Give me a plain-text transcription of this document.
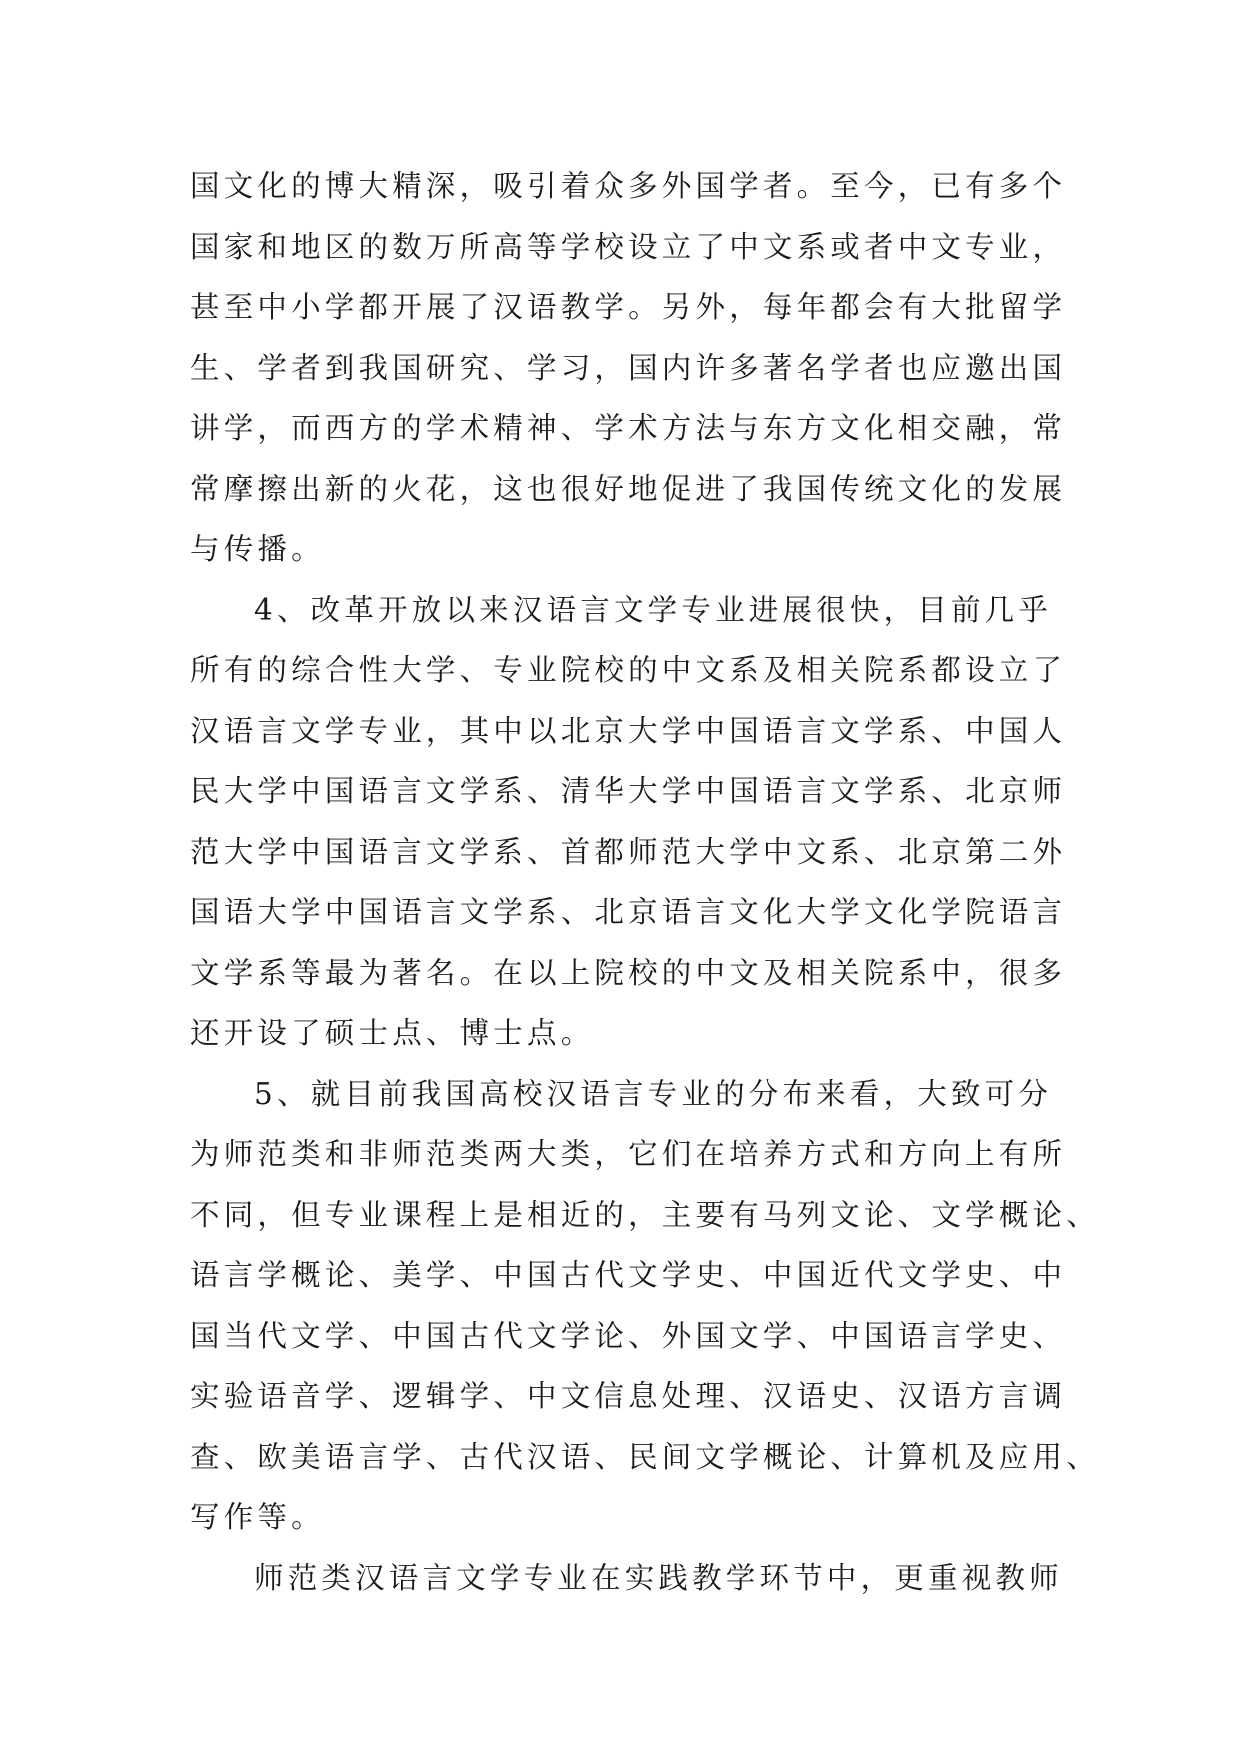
国文化的博大精深，吸引着众多外国学者。至今，已有多个
国家和地区的数万所高等学校设立了中文系或者中文专业，
甚至中小学都开展了汉语教学。另外，每年都会有大批留学
生、学者到我国研究、学习，国内许多著名学者也应邀出国
讲学，而西方的学术精神、学术方法与东方文化相交融，常
常摩擦出新的火花，这也很好地促进了我国传统文化的发展
与传播。
4、改革开放以来汉语言文学专业进展很快，目前几乎
所有的综合性大学、专业院校的中文系及相关院系都设立了
汉语言文学专业，其中以北京大学中国语言文学系、中国人
民大学中国语言文学系、清华大学中国语言文学系、北京师
范大学中国语言文学系、首都师范大学中文系、北京第二外
国语大学中国语言文学系、北京语言文化大学文化学院语言
文学系等最为著名。在以上院校的中文及相关院系中，很多
还开设了硕士点、博士点。
5、就目前我国高校汉语言专业的分布来看，大致可分
为师范类和非师范类两大类，它们在培养方式和方向上有所
不同，但专业课程上是相近的，主要有马列文论、文学概论、
语言学概论、美学、中国古代文学史、中国近代文学史、中
国当代文学、中国古代文学论、外国文学、中国语言学史、
实验语音学、逻辑学、中文信息处理、汉语史、汉语方言调
查、欧美语言学、古代汉语、民间文学概论、计算机及应用、
写作等。
师范类汉语言文学专业在实践教学环节中，更重视教师
